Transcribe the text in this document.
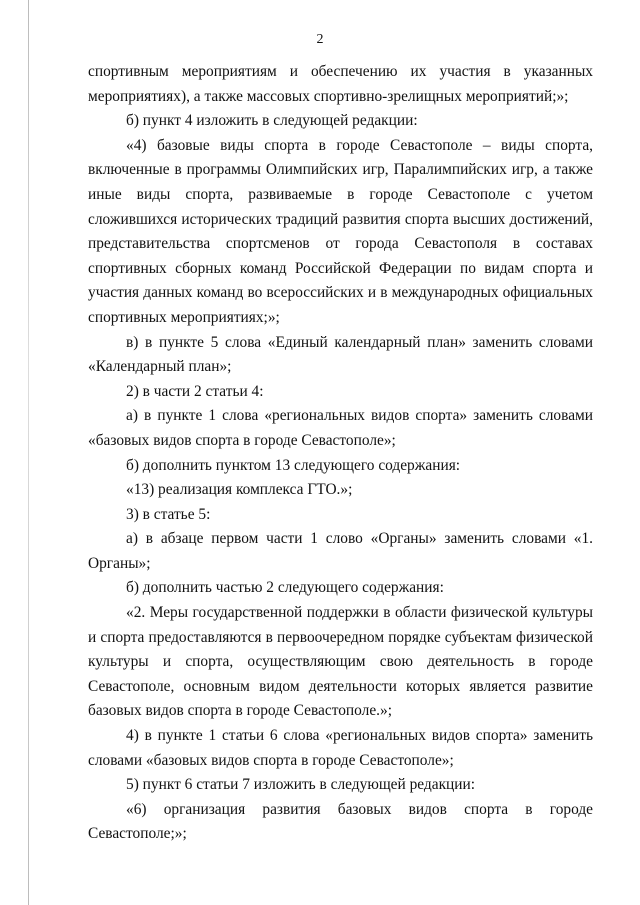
2

спортивным мероприятиям и обеспечению их участия в указанных мероприятиях), а также массовых спортивно-зрелищных мероприятий;»;

б) пункт 4 изложить в следующей редакции:

«4) базовые виды спорта в городе Севастополе – виды спорта, включенные в программы Олимпийских игр, Паралимпийских игр, а также иные виды спорта, развиваемые в городе Севастополе с учетом сложившихся исторических традиций развития спорта высших достижений, представительства спортсменов от города Севастополя в составах спортивных сборных команд Российской Федерации по видам спорта и участия данных команд во всероссийских и в международных официальных спортивных мероприятиях;»;

в) в пункте 5 слова «Единый календарный план» заменить словами «Календарный план»;

2) в части 2 статьи 4:

а) в пункте 1 слова «региональных видов спорта» заменить словами «базовых видов спорта в городе Севастополе»;

б) дополнить пунктом 13 следующего содержания:

«13) реализация комплекса ГТО.»;

3) в статье 5:

а) в абзаце первом части 1 слово «Органы» заменить словами «1. Органы»;

б) дополнить частью 2 следующего содержания:

«2. Меры государственной поддержки в области физической культуры и спорта предоставляются в первоочередном порядке субъектам физической культуры и спорта, осуществляющим свою деятельность в городе Севастополе, основным видом деятельности которых является развитие базовых видов спорта в городе Севастополе.»;

4) в пункте 1 статьи 6 слова «региональных видов спорта» заменить словами «базовых видов спорта в городе Севастополе»;

5) пункт 6 статьи 7 изложить в следующей редакции:

«6) организация развития базовых видов спорта в городе Севастополе;»;
